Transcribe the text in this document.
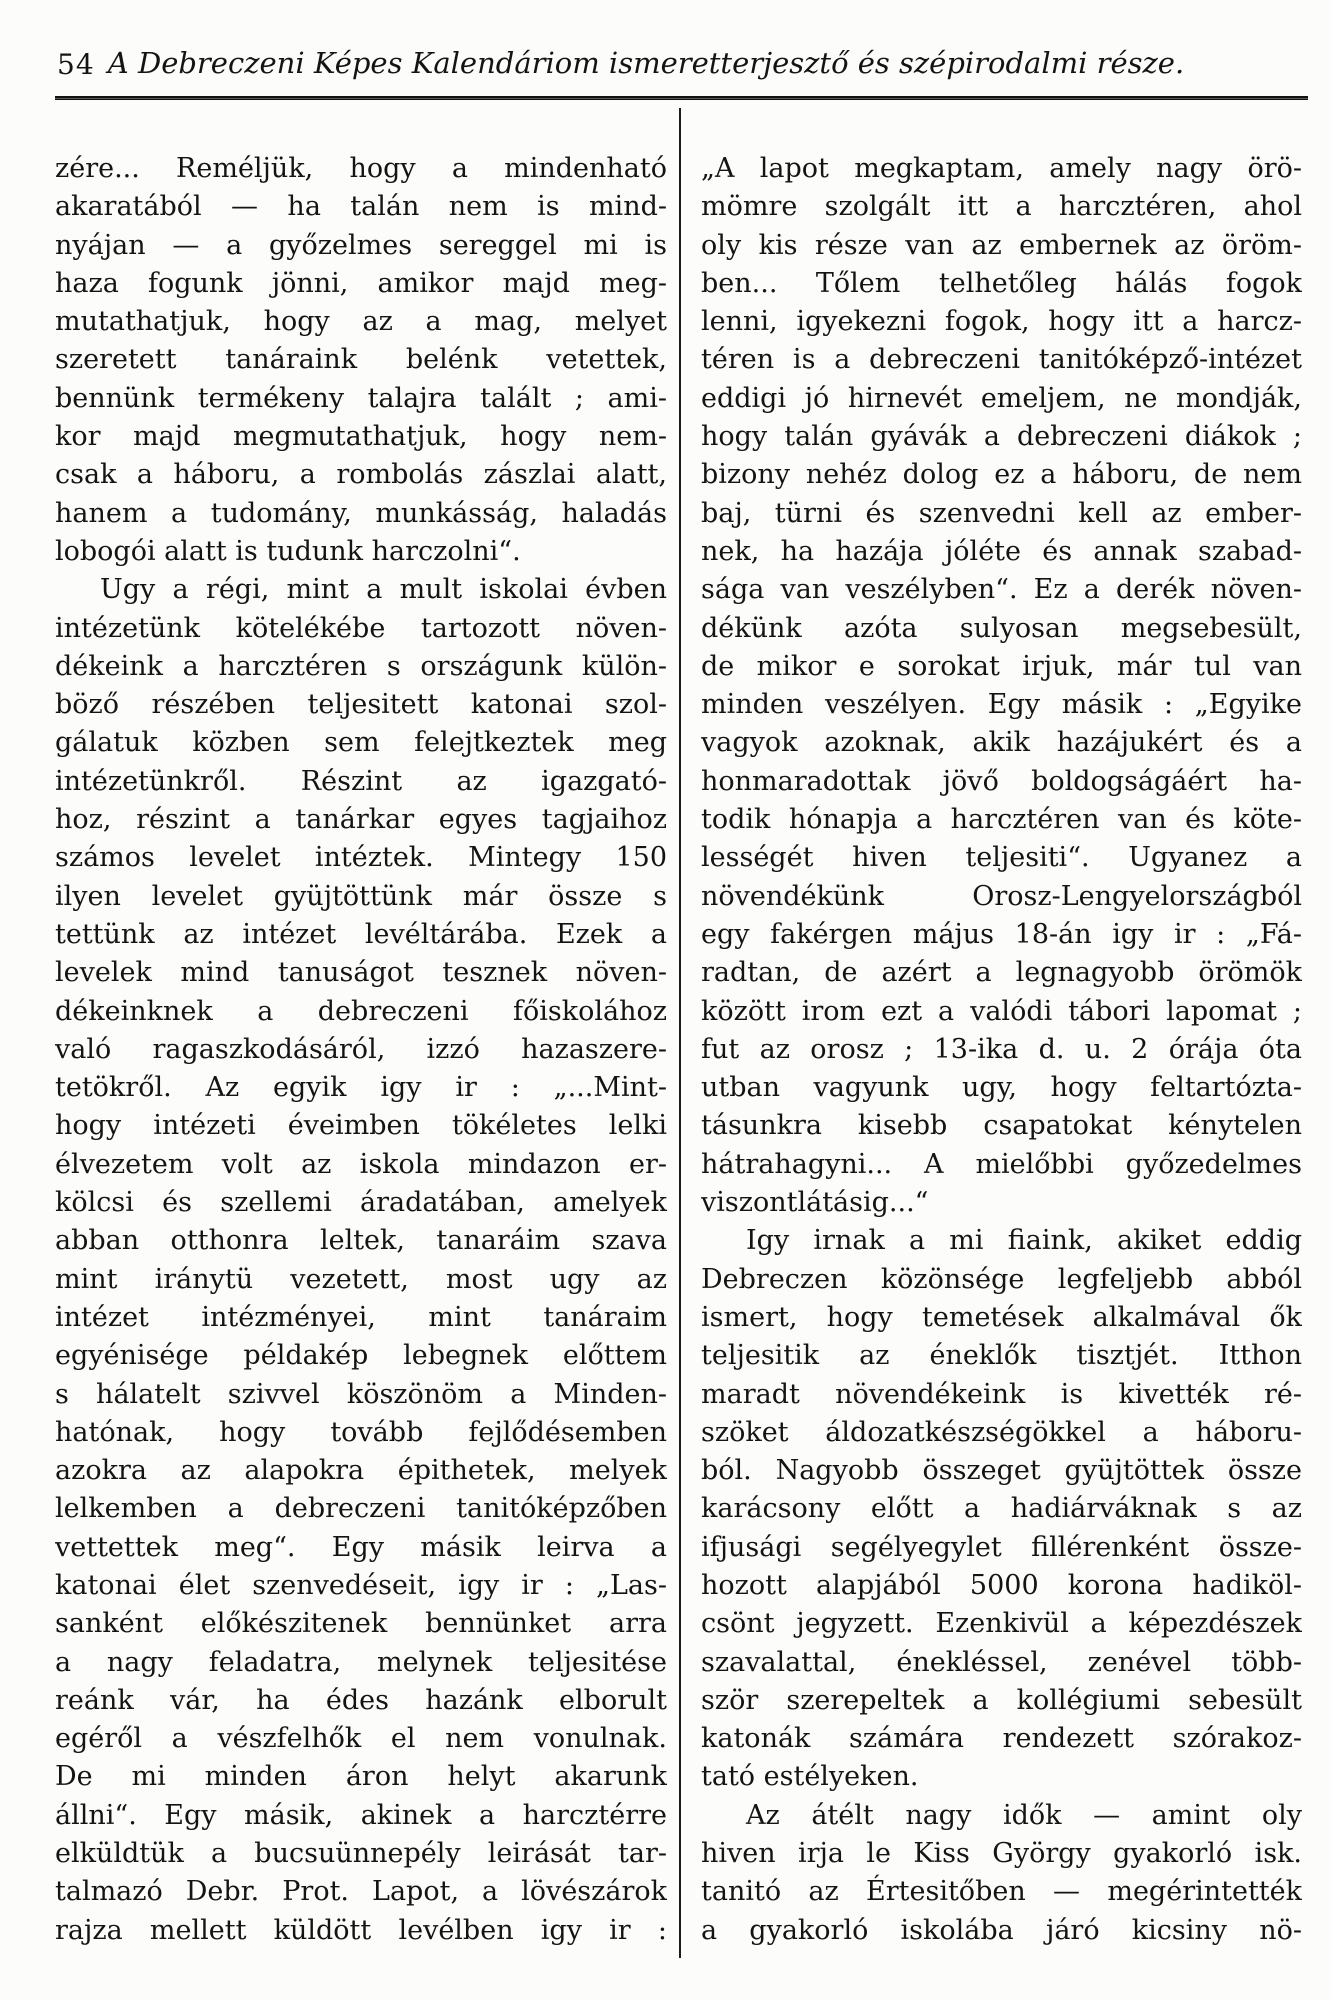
54 A Debreczeni Képes Kalendáriom ismeretterjesztő és szépirodalmi része.
zére... Reméljük, hogy a mindenható
akaratából — ha talán nem is mind-
nyájan — a győzelmes sereggel mi is
haza fogunk jönni, amikor majd meg-
mutathatjuk, hogy az a mag, melyet
szeretett tanáraink belénk vetettek,
bennünk termékeny talajra talált ; ami-
kor majd megmutathatjuk, hogy nem-
csak a háboru, a rombolás zászlai alatt,
hanem a tudomány, munkásság, haladás
lobogói alatt is tudunk harczolni“.
Ugy a régi, mint a mult iskolai évben
intézetünk kötelékébe tartozott növen-
dékeink a harcztéren s országunk külön-
böző részében teljesitett katonai szol-
gálatuk közben sem felejtkeztek meg
intézetünkről. Részint az igazgató-
hoz, részint a tanárkar egyes tagjaihoz
számos levelet intéztek. Mintegy 150
ilyen levelet gyüjtöttünk már össze s
tettünk az intézet levéltárába. Ezek a
levelek mind tanuságot tesznek növen-
dékeinknek a debreczeni főiskolához
való ragaszkodásáról, izzó hazaszere-
tetökről. Az egyik igy ir : „...Mint-
hogy intézeti éveimben tökéletes lelki
élvezetem volt az iskola mindazon er-
kölcsi és szellemi áradatában, amelyek
abban otthonra leltek, tanaráim szava
mint iránytü vezetett, most ugy az
intézet intézményei, mint tanáraim
egyénisége példakép lebegnek előttem
s hálatelt szivvel köszönöm a Minden-
hatónak, hogy tovább fejlődésemben
azokra az alapokra épithetek, melyek
lelkemben a debreczeni tanitóképzőben
vettettek meg“. Egy másik leirva a
katonai élet szenvedéseit, igy ir : „Las-
sanként előkészitenek bennünket arra
a nagy feladatra, melynek teljesitése
reánk vár, ha édes hazánk elborult
egéről a vészfelhők el nem vonulnak.
De mi minden áron helyt akarunk
állni“. Egy másik, akinek a harcztérre
elküldtük a bucsuünnepély leirását tar-
talmazó Debr. Prot. Lapot, a lövészárok
rajza mellett küldött levélben igy ir :
„A lapot megkaptam, amely nagy örö-
mömre szolgált itt a harcztéren, ahol
oly kis része van az embernek az öröm-
ben... Tőlem telhetőleg hálás fogok
lenni, igyekezni fogok, hogy itt a harcz-
téren is a debreczeni tanitóképző-intézet
eddigi jó hirnevét emeljem, ne mondják,
hogy talán gyávák a debreczeni diákok ;
bizony nehéz dolog ez a háboru, de nem
baj, türni és szenvedni kell az ember-
nek, ha hazája jóléte és annak szabad-
sága van veszélyben“. Ez a derék növen-
dékünk azóta sulyosan megsebesült,
de mikor e sorokat irjuk, már tul van
minden veszélyen. Egy másik : „Egyike
vagyok azoknak, akik hazájukért és a
honmaradottak jövő boldogságáért ha-
todik hónapja a harcztéren van és köte-
lességét hiven teljesiti“. Ugyanez a
növendékünk Orosz-Lengyelországból
egy fakérgen május 18-án igy ir : „Fá-
radtan, de azért a legnagyobb örömök
között irom ezt a valódi tábori lapomat ;
fut az orosz ; 13-ika d. u. 2 órája óta
utban vagyunk ugy, hogy feltartózta-
tásunkra kisebb csapatokat kénytelen
hátrahagyni... A mielőbbi győzedelmes
viszontlátásig...“
Igy irnak a mi fiaink, akiket eddig
Debreczen közönsége legfeljebb abból
ismert, hogy temetések alkalmával ők
teljesitik az éneklők tisztjét. Itthon
maradt növendékeink is kivették ré-
szöket áldozatkészségökkel a háboru-
ból. Nagyobb összeget gyüjtöttek össze
karácsony előtt a hadiárváknak s az
ifjusági segélyegylet fillérenként össze-
hozott alapjából 5000 korona hadiköl-
csönt jegyzett. Ezenkivül a képezdészek
szavalattal, énekléssel, zenével több-
ször szerepeltek a kollégiumi sebesült
katonák számára rendezett szórakoz-
tató estélyeken.
Az átélt nagy idők — amint oly
hiven irja le Kiss György gyakorló isk.
tanitó az Értesitőben — megérintették
a gyakorló iskolába járó kicsiny nö-
